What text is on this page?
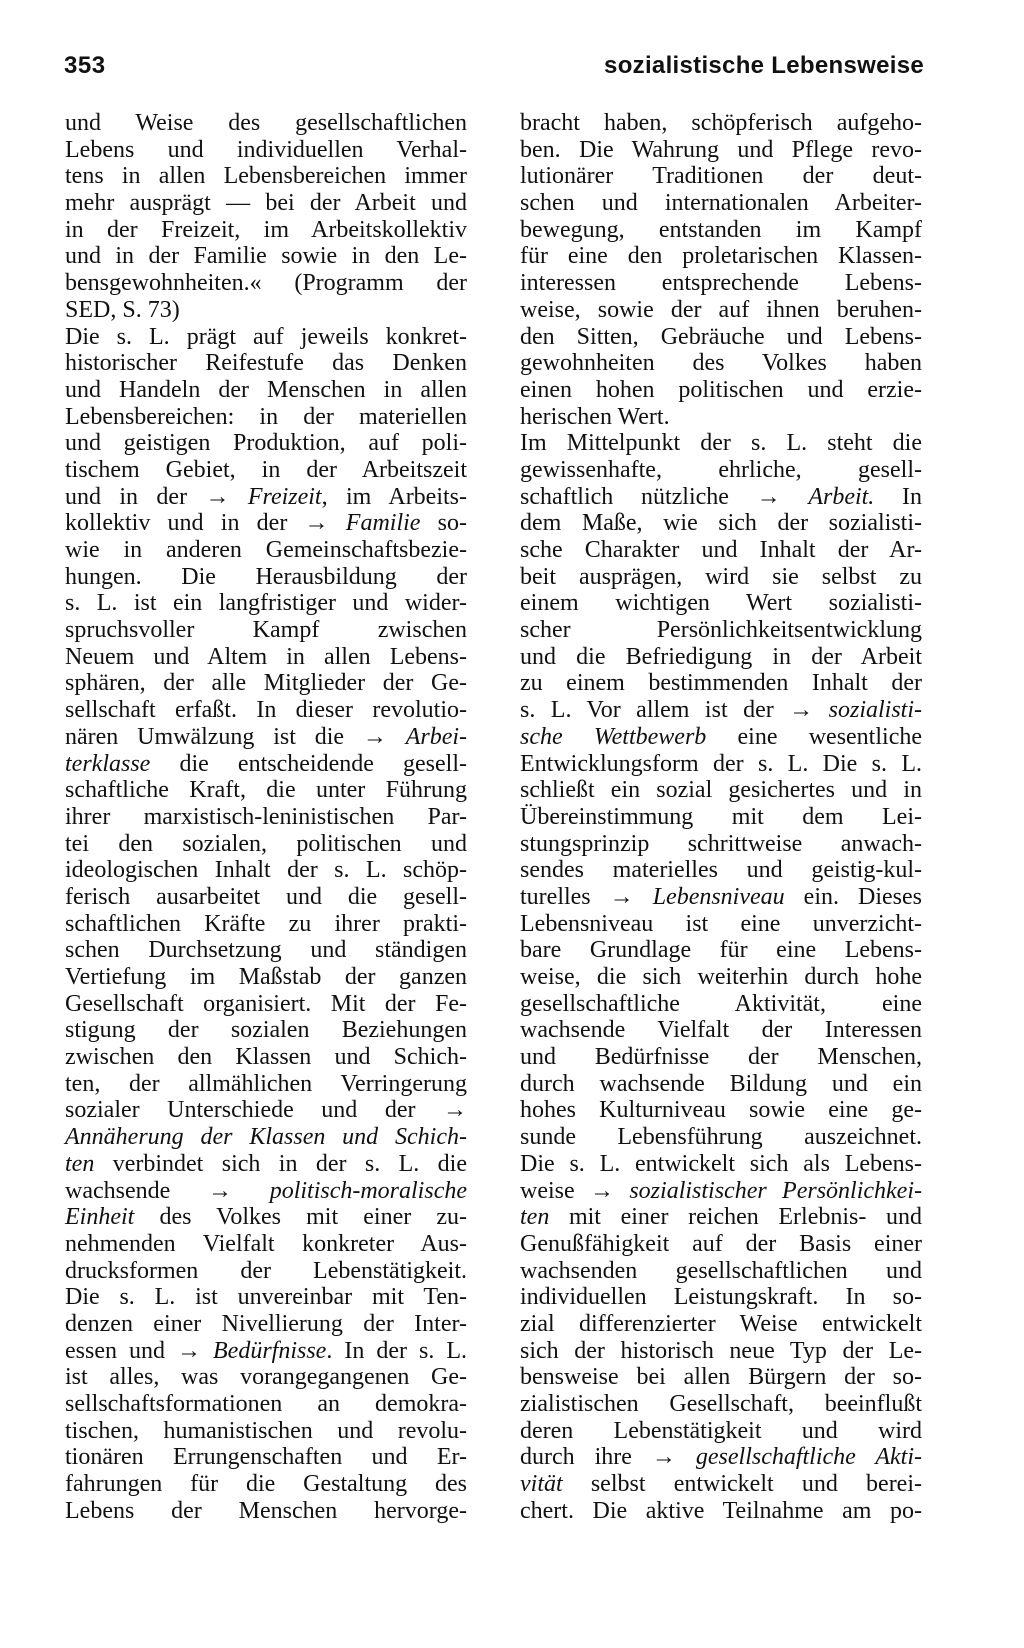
353	sozialistische Lebensweise
und Weise des gesellschaftlichen
Lebens und individuellen Verhal-
tens in allen Lebensbereichen immer
mehr ausprägt — bei der Arbeit und
in der Freizeit, im Arbeitskollektiv
und in der Familie sowie in den Le-
bensgewohnheiten.« (Programm der
SED, S. 73)
Die s. L. prägt auf jeweils konkret-
historischer Reifestufe das Denken
und Handeln der Menschen in allen
Lebensbereichen: in der materiellen
und geistigen Produktion, auf poli-
tischem Gebiet, in der Arbeitszeit
und in der → Freizeit, im Arbeits-
kollektiv und in der → Familie so-
wie in anderen Gemeinschaftsbezie-
hungen. Die Herausbildung der
s. L. ist ein langfristiger und wider-
spruchsvoller Kampf zwischen
Neuem und Altem in allen Lebens-
sphären, der alle Mitglieder der Ge-
sellschaft erfaßt. In dieser revolutio-
nären Umwälzung ist die → Arbei-
terklasse die entscheidende gesell-
schaftliche Kraft, die unter Führung
ihrer marxistisch-leninistischen Par-
tei den sozialen, politischen und
ideologischen Inhalt der s. L. schöp-
ferisch ausarbeitet und die gesell-
schaftlichen Kräfte zu ihrer prakti-
schen Durchsetzung und ständigen
Vertiefung im Maßstab der ganzen
Gesellschaft organisiert. Mit der Fe-
stigung der sozialen Beziehungen
zwischen den Klassen und Schich-
ten, der allmählichen Verringerung
sozialer Unterschiede und der →
Annäherung der Klassen und Schich-
ten verbindet sich in der s. L. die
wachsende → politisch-moralische
Einheit des Volkes mit einer zu-
nehmenden Vielfalt konkreter Aus-
drucksformen der Lebenstätigkeit.
Die s. L. ist unvereinbar mit Ten-
denzen einer Nivellierung der Inter-
essen und → Bedürfnisse. In der s. L.
ist alles, was vorangegangenen Ge-
sellschaftsformationen an demokra-
tischen, humanistischen und revolu-
tionären Errungenschaften und Er-
fahrungen für die Gestaltung des
Lebens der Menschen hervorge-
bracht haben, schöpferisch aufgeho-
ben. Die Wahrung und Pflege revo-
lutionärer Traditionen der deut-
schen und internationalen Arbeiter-
bewegung, entstanden im Kampf
für eine den proletarischen Klassen-
interessen entsprechende Lebens-
weise, sowie der auf ihnen beruhen-
den Sitten, Gebräuche und Lebens-
gewohnheiten des Volkes haben
einen hohen politischen und erzie-
herischen Wert.
Im Mittelpunkt der s. L. steht die
gewissenhafte, ehrliche, gesell-
schaftlich nützliche → Arbeit. In
dem Maße, wie sich der sozialisti-
sche Charakter und Inhalt der Ar-
beit ausprägen, wird sie selbst zu
einem wichtigen Wert sozialisti-
scher Persönlichkeitsentwicklung
und die Befriedigung in der Arbeit
zu einem bestimmenden Inhalt der
s. L. Vor allem ist der → sozialisti-
sche Wettbewerb eine wesentliche
Entwicklungsform der s. L. Die s. L.
schließt ein sozial gesichertes und in
Übereinstimmung mit dem Lei-
stungsprinzip schrittweise anwach-
sendes materielles und geistig-kul-
turelles → Lebensniveau ein. Dieses
Lebensniveau ist eine unverzicht-
bare Grundlage für eine Lebens-
weise, die sich weiterhin durch hohe
gesellschaftliche Aktivität, eine
wachsende Vielfalt der Interessen
und Bedürfnisse der Menschen,
durch wachsende Bildung und ein
hohes Kulturniveau sowie eine ge-
sunde Lebensführung auszeichnet.
Die s. L. entwickelt sich als Lebens-
weise → sozialistischer Persönlichkei-
ten mit einer reichen Erlebnis- und
Genußfähigkeit auf der Basis einer
wachsenden gesellschaftlichen und
individuellen Leistungskraft. In so-
zial differenzierter Weise entwickelt
sich der historisch neue Typ der Le-
bensweise bei allen Bürgern der so-
zialistischen Gesellschaft, beeinflußt
deren Lebenstätigkeit und wird
durch ihre → gesellschaftliche Akti-
vität selbst entwickelt und berei-
chert. Die aktive Teilnahme am po-
